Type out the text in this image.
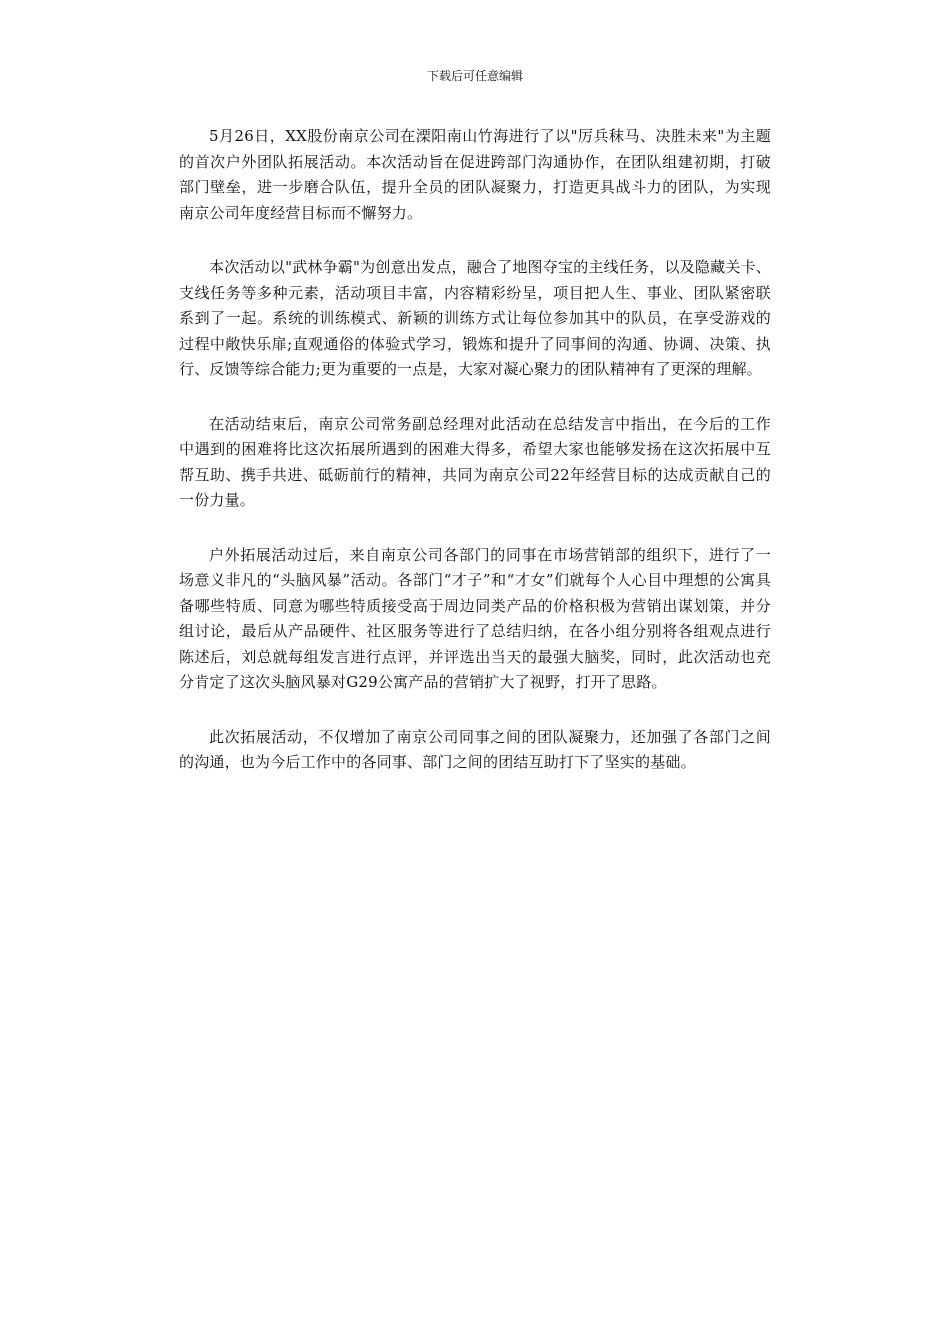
下载后可任意编辑

5月26日，XX股份南京公司在溧阳南山竹海进行了以"厉兵秣马、决胜未来"为主题的首次户外团队拓展活动。本次活动旨在促进跨部门沟通协作，在团队组建初期，打破部门壁垒，进一步磨合队伍，提升全员的团队凝聚力，打造更具战斗力的团队，为实现南京公司年度经营目标而不懈努力。

本次活动以"武林争霸"为创意出发点，融合了地图夺宝的主线任务，以及隐藏关卡、支线任务等多种元素，活动项目丰富，内容精彩纷呈，项目把人生、事业、团队紧密联系到了一起。系统的训练模式、新颖的训练方式让每位参加其中的队员，在享受游戏的过程中敞快乐扉;直观通俗的体验式学习，锻炼和提升了同事间的沟通、协调、决策、执行、反馈等综合能力;更为重要的一点是，大家对凝心聚力的团队精神有了更深的理解。

在活动结束后，南京公司常务副总经理对此活动在总结发言中指出，在今后的工作中遇到的困难将比这次拓展所遇到的困难大得多，希望大家也能够发扬在这次拓展中互帮互助、携手共进、砥砺前行的精神，共同为南京公司22年经营目标的达成贡献自己的一份力量。

户外拓展活动过后，来自南京公司各部门的同事在市场营销部的组织下，进行了一场意义非凡的“头脑风暴”活动。各部门“才子”和“才女”们就每个人心目中理想的公寓具备哪些特质、同意为哪些特质接受高于周边同类产品的价格积极为营销出谋划策，并分组讨论，最后从产品硬件、社区服务等进行了总结归纳，在各小组分别将各组观点进行陈述后，刘总就每组发言进行点评，并评选出当天的最强大脑奖，同时，此次活动也充分肯定了这次头脑风暴对G29公寓产品的营销扩大了视野，打开了思路。

此次拓展活动，不仅增加了南京公司同事之间的团队凝聚力，还加强了各部门之间的沟通，也为今后工作中的各同事、部门之间的团结互助打下了坚实的基础。
